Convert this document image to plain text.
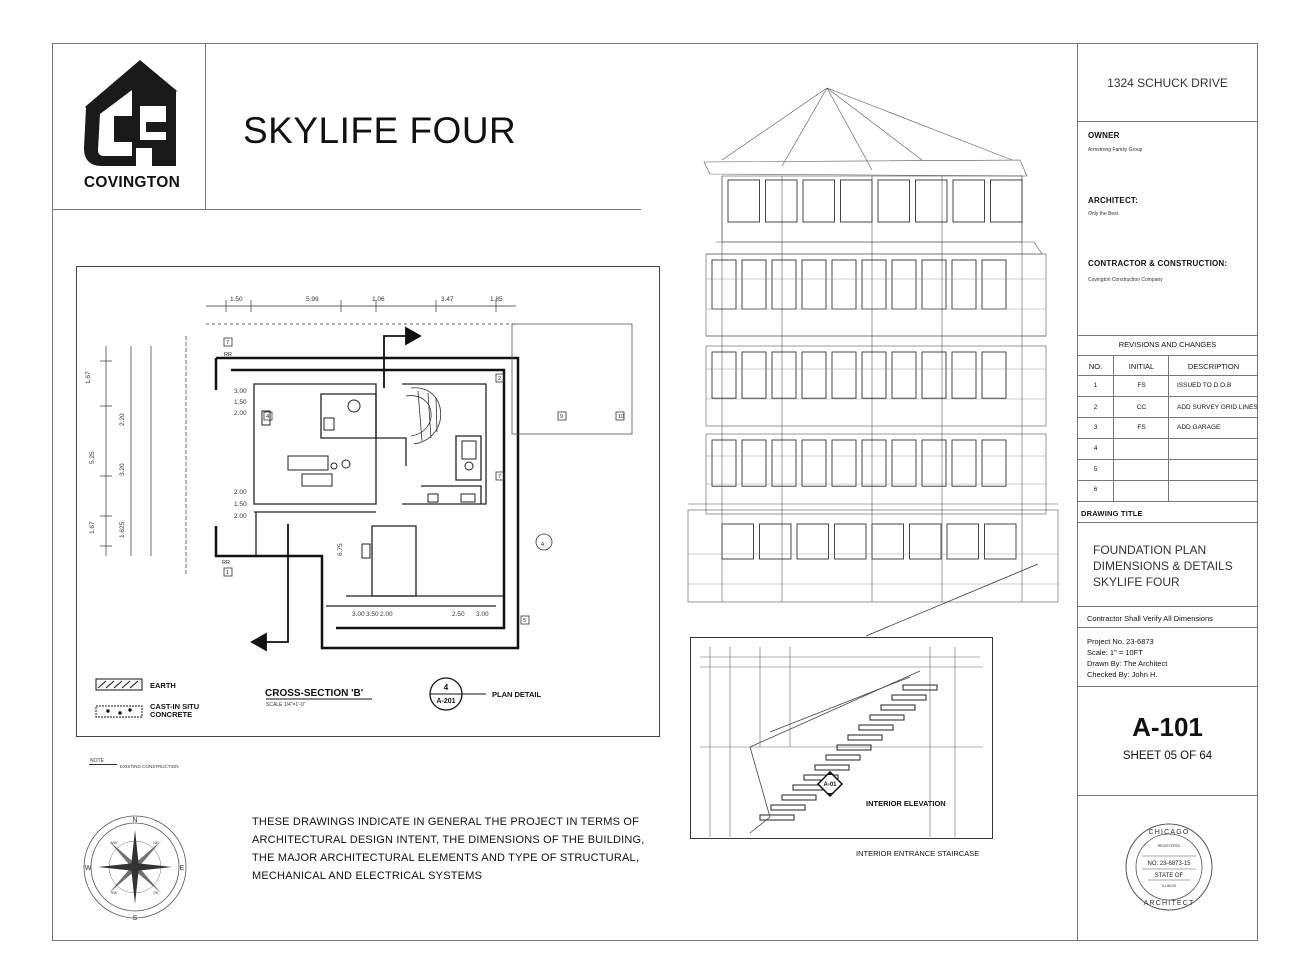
COVINGTON
SKYLIFE FOUR
1324 SCHUCK DRIVE
OWNER
Armstrong Family Group
ARCHITECT:
Only the Best
CONTRACTOR & CONSTRUCTION:
Covington Construction Company
REVISIONS AND CHANGES
NO.	INITIAL	DESCRIPTION
1	FS	ISSUED TO D.O.B
2	CC	ADD SURVEY GRID LINES
3	FS	ADD GARAGE
4
5
6
DRAWING TITLE
FOUNDATION PLAN
DIMENSIONS & DETAILS
SKYLIFE FOUR
Contractor Shall Verify All Dimensions
Project No. 23-6873
Scale: 1" = 10FT
Drawn By: The Architect
Checked By: John H.
A-101
SHEET 05 OF 64
CHICAGO
REGISTERED
NO. 23-6873-15
STATE OF
ILLINOIS
ARCHITECT
1.50	5.99	1.06	3.47	1.85
1.67
2.20
5.25
3.20
1.67	1.625
3.00
1.50
2.00
2.00
1.50
2.00
3.00 3.50 2.00	2.50 3.00
6.75
RR
RR
7
1
2
4	9	10
7
5
4
EARTH
CAST-IN SITU
CONCRETE
CROSS-SECTION 'B'
SCALE 1/4"=1'-0"
4
A-201
PLAN DETAIL
NOTE
EXISTING CONSTRUCTION
N
E
S
W
NE
SE
SW
NW
THESE DRAWINGS INDICATE IN GENERAL THE PROJECT IN TERMS OF
ARCHITECTURAL DESIGN INTENT, THE DIMENSIONS OF THE BUILDING,
THE MAJOR ARCHITECTURAL ELEMENTS AND TYPE OF STRUCTURAL,
MECHANICAL AND ELECTRICAL SYSTEMS
A-01
INTERIOR ELEVATION
INTERIOR ENTRANCE STAIRCASE
